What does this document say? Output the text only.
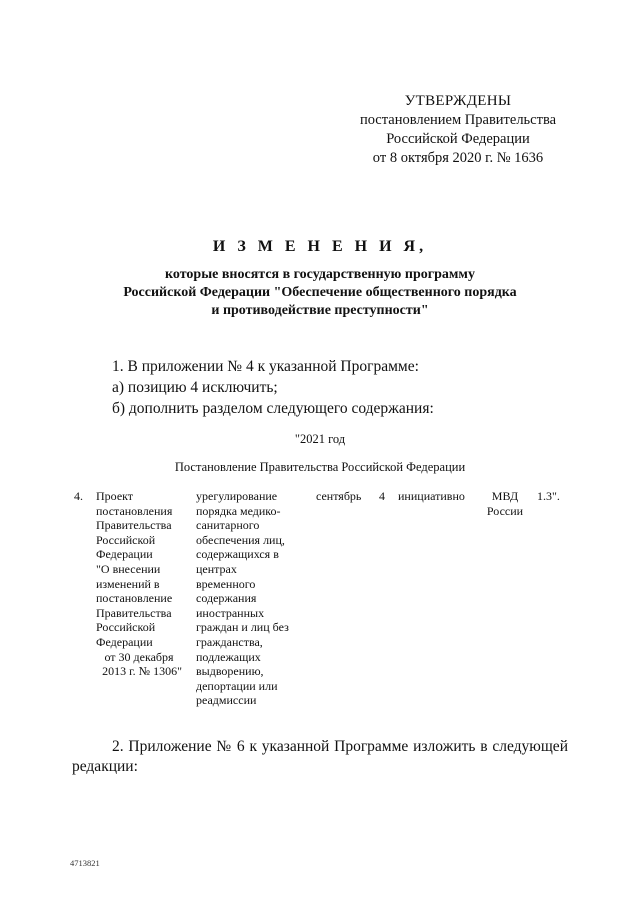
УТВЕРЖДЕНЫ
постановлением Правительства
Российской Федерации
от 8 октября 2020 г. № 1636
И З М Е Н Е Н И Я,
которые вносятся в государственную программу
Российской Федерации "Обеспечение общественного порядка
и противодействие преступности"
1. В приложении № 4 к указанной Программе:
а) позицию 4 исключить;
б) дополнить разделом следующего содержания:
"2021 год
Постановление Правительства Российской Федерации
4. Проект
постановления
Правительства
Российской
Федерации
"О внесении
изменений в
постановление
Правительства
Российской
Федерации
от 30 декабря
2013 г. № 1306"
урегулирование
порядка медико-
санитарного
обеспечения лиц,
содержащихся в
центрах
временного
содержания
иностранных
граждан и лиц без
гражданства,
подлежащих
выдворению,
депортации или
реадмиссии
сентябрь 4 инициативно	МВД
России
1.3".
2. Приложение № 6 к указанной Программе изложить в следующей
редакции:
4713821
